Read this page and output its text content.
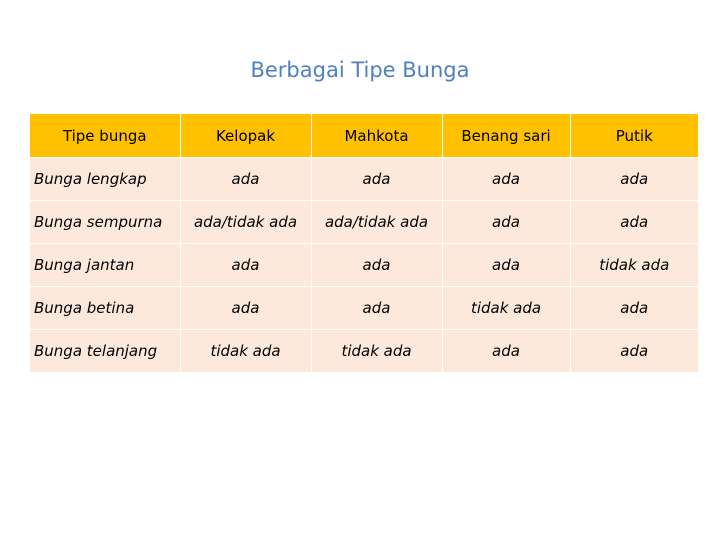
Berbagai Tipe Bunga
Tipe bunga	Kelopak	Mahkota	Benang sari	Putik
Bunga lengkap	ada	ada	ada	ada
Bunga sempurna	ada/tidak ada	ada/tidak ada	ada	ada
Bunga jantan	ada	ada	ada	tidak ada
Bunga betina	ada	ada	tidak ada	ada
Bunga telanjang	tidak ada	tidak ada	ada	ada
